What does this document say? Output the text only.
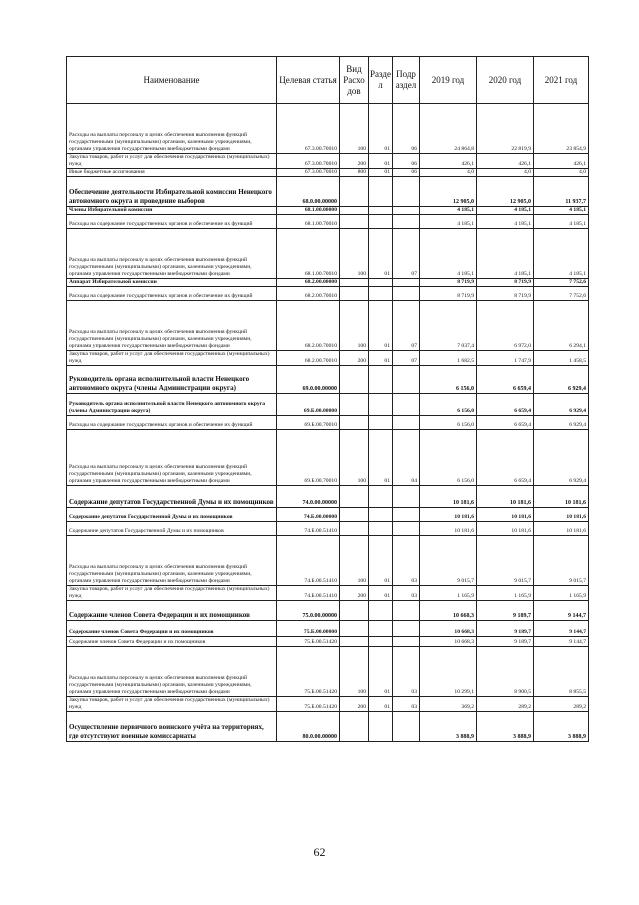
Наименование	Целевая статья	Вид Расхо дов	Разде л	Подр аздел	2019 год	2020 год	2021 год
Расходы на выплаты персоналу в целях обеспечения выполнения функций государственными (муниципальными) органами, казенными учреждениями, органами управления государственными внебюджетными фондами	67.3.00.70010	100	01	06	24 864,8	22 819,9	23 854,9
Закупка товаров, работ и услуг для обеспечения государственных (муниципальных) нужд	67.3.00.70010	200	01	06	426,1	426,1	426,1
Иные бюджетные ассигнования	67.3.00.70010	800	01	06	4,0	4,0	4,0
Обеспечение деятельности Избирательной комиссии Ненецкого автономного округа и проведение выборов	68.0.00.00000				12 905,0	12 905,0	11 937,7
Члены Избирательной комиссии	68.1.00.00000				4 185,1	4 185,1	4 185,1
Расходы на содержание государственных органов и обеспечение их функций	68.1.00.70010				4 185,1	4 185,1	4 185,1
Расходы на выплаты персоналу в целях обеспечения выполнения функций государственными (муниципальными) органами, казенными учреждениями, органами управления государственными внебюджетными фондами	68.1.00.70010	100	01	07	4 185,1	4 185,1	4 185,1
Аппарат Избирательной комиссии	68.2.00.00000				8 719,9	8 719,9	7 752,6
Расходы на содержание государственных органов и обеспечение их функций	68.2.00.70010				8 719,9	8 719,9	7 752,6
Расходы на выплаты персоналу в целях обеспечения выполнения функций государственными (муниципальными) органами, казенными учреждениями, органами управления государственными внебюджетными фондами	68.2.00.70010	100	01	07	7 037,4	6 972,0	6 294,1
Закупка товаров, работ и услуг для обеспечения государственных (муниципальных) нужд	68.2.00.70010	200	01	07	1 682,5	1 747,9	1 458,5
Руководитель органа исполнительной власти Ненецкого автономного округа (члены Администрации округа)	69.0.00.00000				6 156,0	6 659,4	6 929,4
Руководитель органа исполнительной власти Ненецкого автономного округа (члены Администрации округа)	69.Б.00.00000				6 156,0	6 659,4	6 929,4
Расходы на содержание государственных органов и обеспечение их функций	69.Б.00.70010				6 156,0	6 659,4	6 929,4
Расходы на выплаты персоналу в целях обеспечения выполнения функций государственными (муниципальными) органами, казенными учреждениями, органами управления государственными внебюджетными фондами	69.Б.00.70010	100	01	04	6 156,0	6 659,4	6 929,4
Содержание депутатов Государственной Думы и их помощников	74.0.00.00000				10 181,6	10 181,6	10 181,6
Содержание депутатов Государственной Думы и их помощников	74.Б.00.00000				10 181,6	10 181,6	10 181,6
Содержание депутатов Государственной Думы и их помощников	74.Б.00.51410				10 181,6	10 181,6	10 181,6
Расходы на выплаты персоналу в целях обеспечения выполнения функций государственными (муниципальными) органами, казенными учреждениями, органами управления государственными внебюджетными фондами	74.Б.00.51410	100	01	03	9 015,7	9 015,7	9 015,7
Закупка товаров, работ и услуг для обеспечения государственных (муниципальных) нужд	74.Б.00.51410	200	01	03	1 165,9	1 165,9	1 165,9
Содержание членов Совета Федерации и их помощников	75.0.00.00000				10 668,3	9 189,7	9 144,7
Содержание членов Совета Федерации и их помощников	75.Б.00.00000				10 668,3	9 189,7	9 144,7
Содержание членов Совета Федерации и их помощников	75.Б.00.51420				10 668,3	9 189,7	9 144,7
Расходы на выплаты персоналу в целях обеспечения выполнения функций государственными (муниципальными) органами, казенными учреждениями, органами управления государственными внебюджетными фондами	75.Б.00.51420	100	01	03	10 299,1	8 900,5	8 855,5
Закупка товаров, работ и услуг для обеспечения государственных (муниципальных) нужд	75.Б.00.51420	200	01	03	369,2	289,2	289,2
Осуществление первичного воинского учёта на территориях, где отсутствуют военные комиссариаты	80.0.00.00000				3 888,9	3 888,9	3 888,9
62
